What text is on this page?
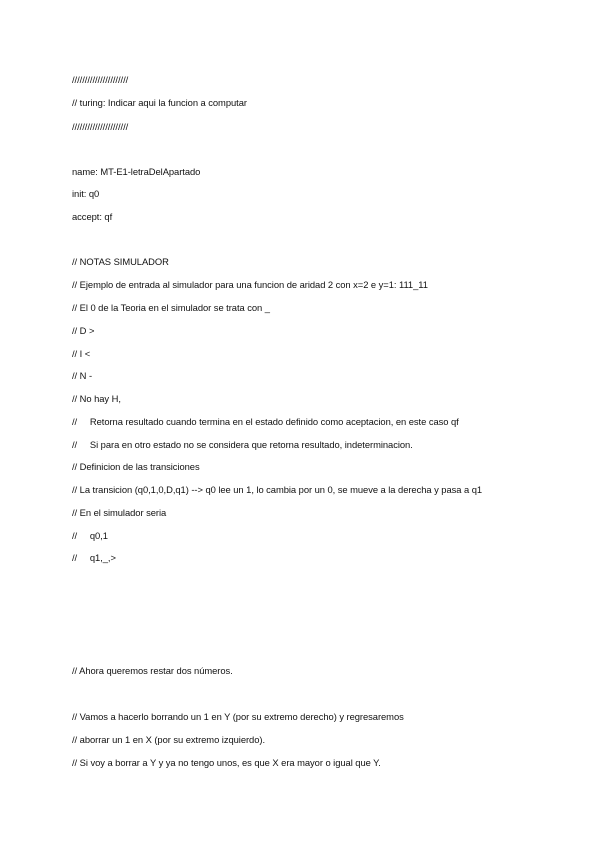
//////////////////////
// turing: Indicar aqui la funcion a computar
//////////////////////
name: MT-E1-letraDelApartado
init: q0
accept: qf
// NOTAS SIMULADOR
// Ejemplo de entrada al simulador para una funcion de aridad 2 con x=2 e y=1: 111_11
// El 0 de la Teoria en el simulador se trata con _
// D >
// I <
// N -
// No hay H,
//     Retorna resultado cuando termina en el estado definido como aceptacion, en este caso qf
//     Si para en otro estado no se considera que retorna resultado, indeterminacion.
// Definicion de las transiciones
// La transicion (q0,1,0,D,q1) --> q0 lee un 1, lo cambia por un 0, se mueve a la derecha y pasa a q1
// En el simulador seria
//     q0,1
//     q1,_,>
// Ahora queremos restar dos números.
// Vamos a hacerlo borrando un 1 en Y (por su extremo derecho) y regresaremos
// aborrar un 1 en X (por su extremo izquierdo).
// Si voy a borrar a Y y ya no tengo unos, es que X era mayor o igual que Y.
